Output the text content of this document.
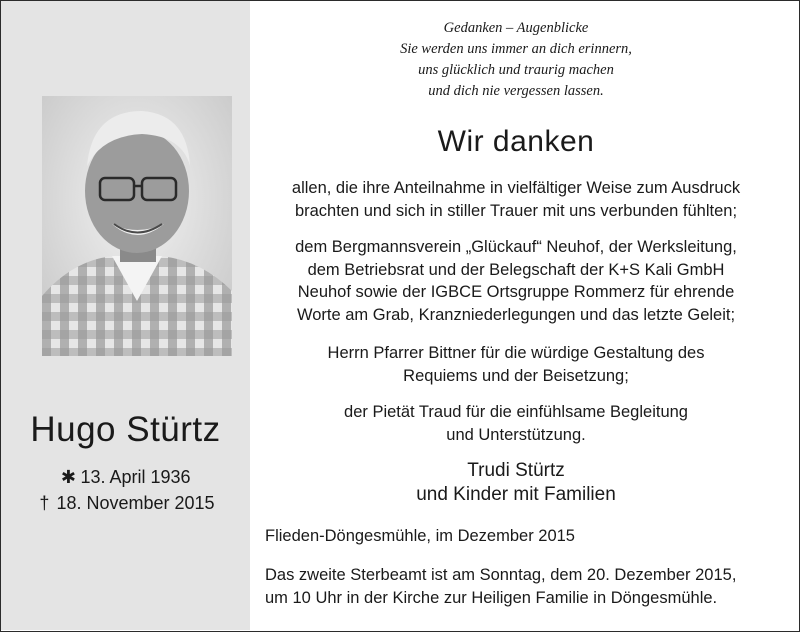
Hugo Stürtz
✱ 13. April 1936
† 18. November 2015
Gedanken – Augenblicke
Sie werden uns immer an dich erinnern,
uns glücklich und traurig machen
und dich nie vergessen lassen.
Wir danken
allen, die ihre Anteilnahme in vielfältiger Weise zum Ausdruck
brachten und sich in stiller Trauer mit uns verbunden fühlten;
dem Bergmannsverein „Glückauf“ Neuhof, der Werksleitung,
dem Betriebsrat und der Belegschaft der K+S Kali GmbH
Neuhof sowie der IGBCE Ortsgruppe Rommerz für ehrende
Worte am Grab, Kranzniederlegungen und das letzte Geleit;
Herrn Pfarrer Bittner für die würdige Gestaltung des
Requiems und der Beisetzung;
der Pietät Traud für die einfühlsame Begleitung
und Unterstützung.
Trudi Stürtz
und Kinder mit Familien
Flieden-Döngesmühle, im Dezember 2015
Das zweite Sterbeamt ist am Sonntag, dem 20. Dezember 2015,
um 10 Uhr in der Kirche zur Heiligen Familie in Döngesmühle.
